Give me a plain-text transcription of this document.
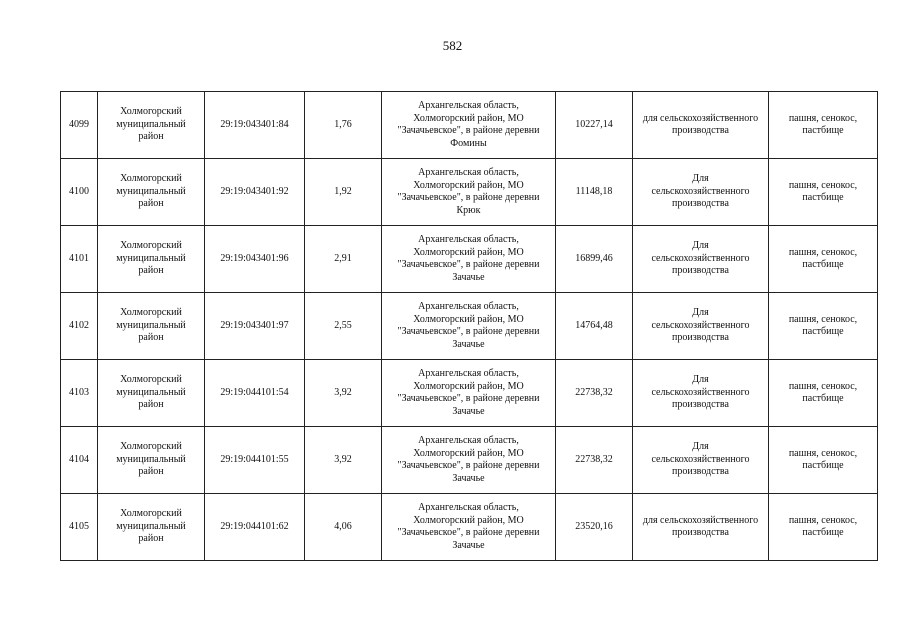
582
4099	Холмогорский
муниципальный
район	29:19:043401:84	1,76	Архангельская область,
Холмогорский район, МО
"Зачачьевское", в районе деревни
Фомины	10227,14	для сельскохозяйственного
производства	пашня, сенокос,
пастбище
4100	Холмогорский
муниципальный
район	29:19:043401:92	1,92	Архангельская область,
Холмогорский район, МО
"Зачачьевское", в районе деревни
Крюк	11148,18	Для
сельскохозяйственного
производства	пашня, сенокос,
пастбище
4101	Холмогорский
муниципальный
район	29:19:043401:96	2,91	Архангельская область,
Холмогорский район, МО
"Зачачьевское", в районе деревни
Зачачье	16899,46	Для
сельскохозяйственного
производства	пашня, сенокос,
пастбище
4102	Холмогорский
муниципальный
район	29:19:043401:97	2,55	Архангельская область,
Холмогорский район, МО
"Зачачьевское", в районе деревни
Зачачье	14764,48	Для
сельскохозяйственного
производства	пашня, сенокос,
пастбище
4103	Холмогорский
муниципальный
район	29:19:044101:54	3,92	Архангельская область,
Холмогорский район, МО
"Зачачьевское", в районе деревни
Зачачье	22738,32	Для
сельскохозяйственного
производства	пашня, сенокос,
пастбище
4104	Холмогорский
муниципальный
район	29:19:044101:55	3,92	Архангельская область,
Холмогорский район, МО
"Зачачьевское", в районе деревни
Зачачье	22738,32	Для
сельскохозяйственного
производства	пашня, сенокос,
пастбище
4105	Холмогорский
муниципальный
район	29:19:044101:62	4,06	Архангельская область,
Холмогорский район, МО
"Зачачьевское", в районе деревни
Зачачье	23520,16	для сельскохозяйственного
производства	пашня, сенокос,
пастбище
